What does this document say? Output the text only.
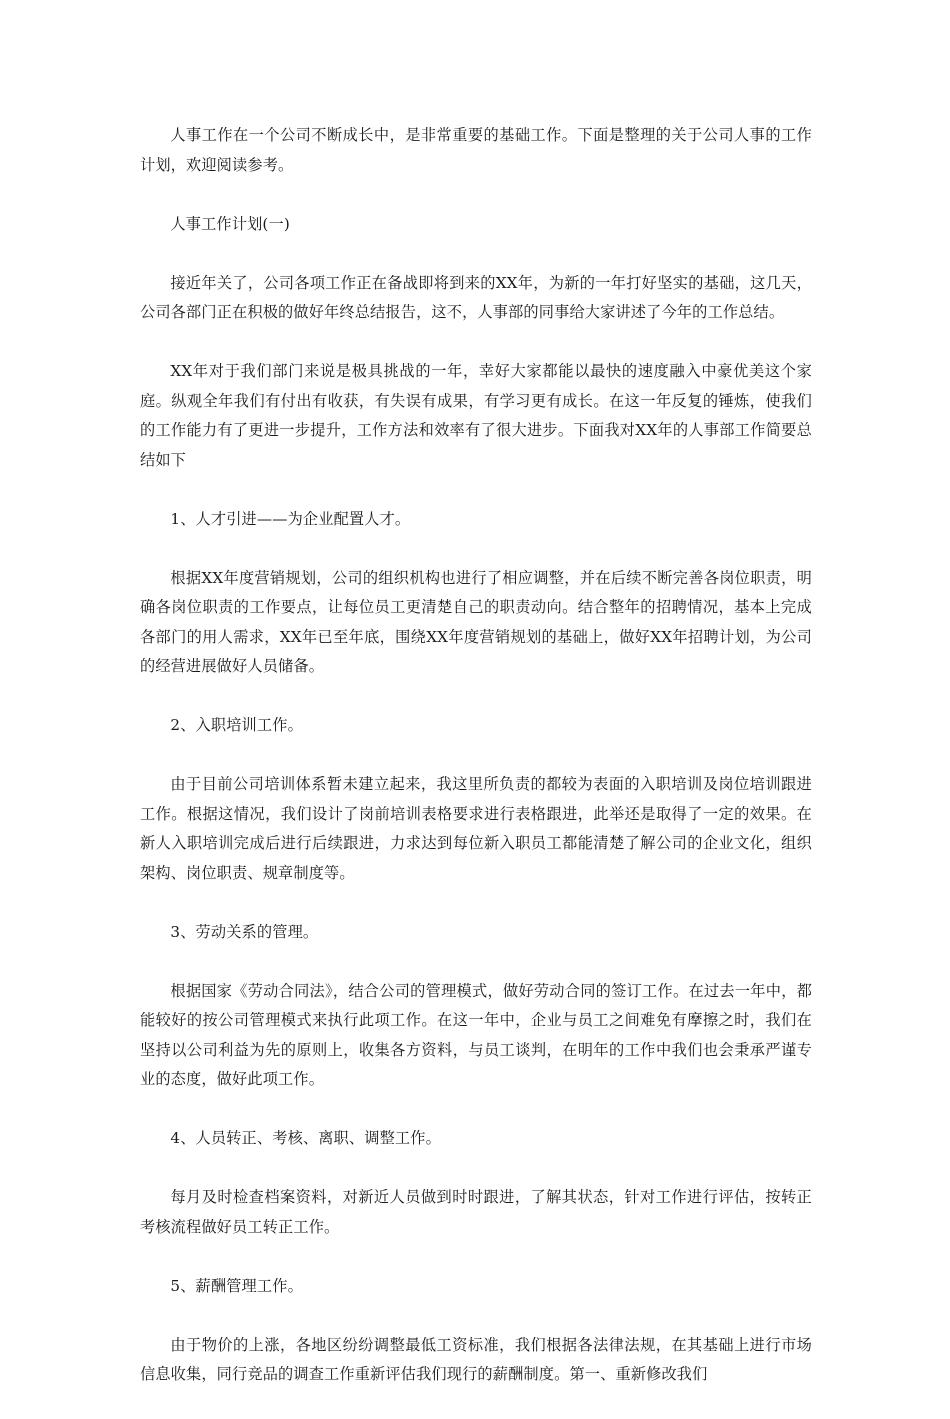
人事工作在一个公司不断成长中，是非常重要的基础工作。下面是整理的关于公司人事的工作计划，欢迎阅读参考。

人事工作计划(一)

接近年关了，公司各项工作正在备战即将到来的XX年，为新的一年打好坚实的基础，这几天，公司各部门正在积极的做好年终总结报告，这不，人事部的同事给大家讲述了今年的工作总结。

XX年对于我们部门来说是极具挑战的一年，幸好大家都能以最快的速度融入中豪优美这个家庭。纵观全年我们有付出有收获，有失误有成果，有学习更有成长。在这一年反复的锤炼，使我们的工作能力有了更进一步提升，工作方法和效率有了很大进步。下面我对XX年的人事部工作简要总结如下

1、人才引进——为企业配置人才。

根据XX年度营销规划，公司的组织机构也进行了相应调整，并在后续不断完善各岗位职责，明确各岗位职责的工作要点，让每位员工更清楚自己的职责动向。结合整年的招聘情况，基本上完成各部门的用人需求，XX年已至年底，围绕XX年度营销规划的基础上，做好XX年招聘计划，为公司的经营进展做好人员储备。

2、入职培训工作。

由于目前公司培训体系暂未建立起来，我这里所负责的都较为表面的入职培训及岗位培训跟进工作。根据这情况，我们设计了岗前培训表格要求进行表格跟进，此举还是取得了一定的效果。在新人入职培训完成后进行后续跟进，力求达到每位新入职员工都能清楚了解公司的企业文化，组织架构、岗位职责、规章制度等。

3、劳动关系的管理。

根据国家《劳动合同法》，结合公司的管理模式，做好劳动合同的签订工作。在过去一年中，都能较好的按公司管理模式来执行此项工作。在这一年中，企业与员工之间难免有摩擦之时，我们在坚持以公司利益为先的原则上，收集各方资料，与员工谈判，在明年的工作中我们也会秉承严谨专业的态度，做好此项工作。

4、人员转正、考核、离职、调整工作。

每月及时检查档案资料，对新近人员做到时时跟进，了解其状态，针对工作进行评估，按转正考核流程做好员工转正工作。

5、薪酬管理工作。

由于物价的上涨，各地区纷纷调整最低工资标准，我们根据各法律法规，在其基础上进行市场信息收集，同行竞品的调查工作重新评估我们现行的薪酬制度。第一、重新修改我们
